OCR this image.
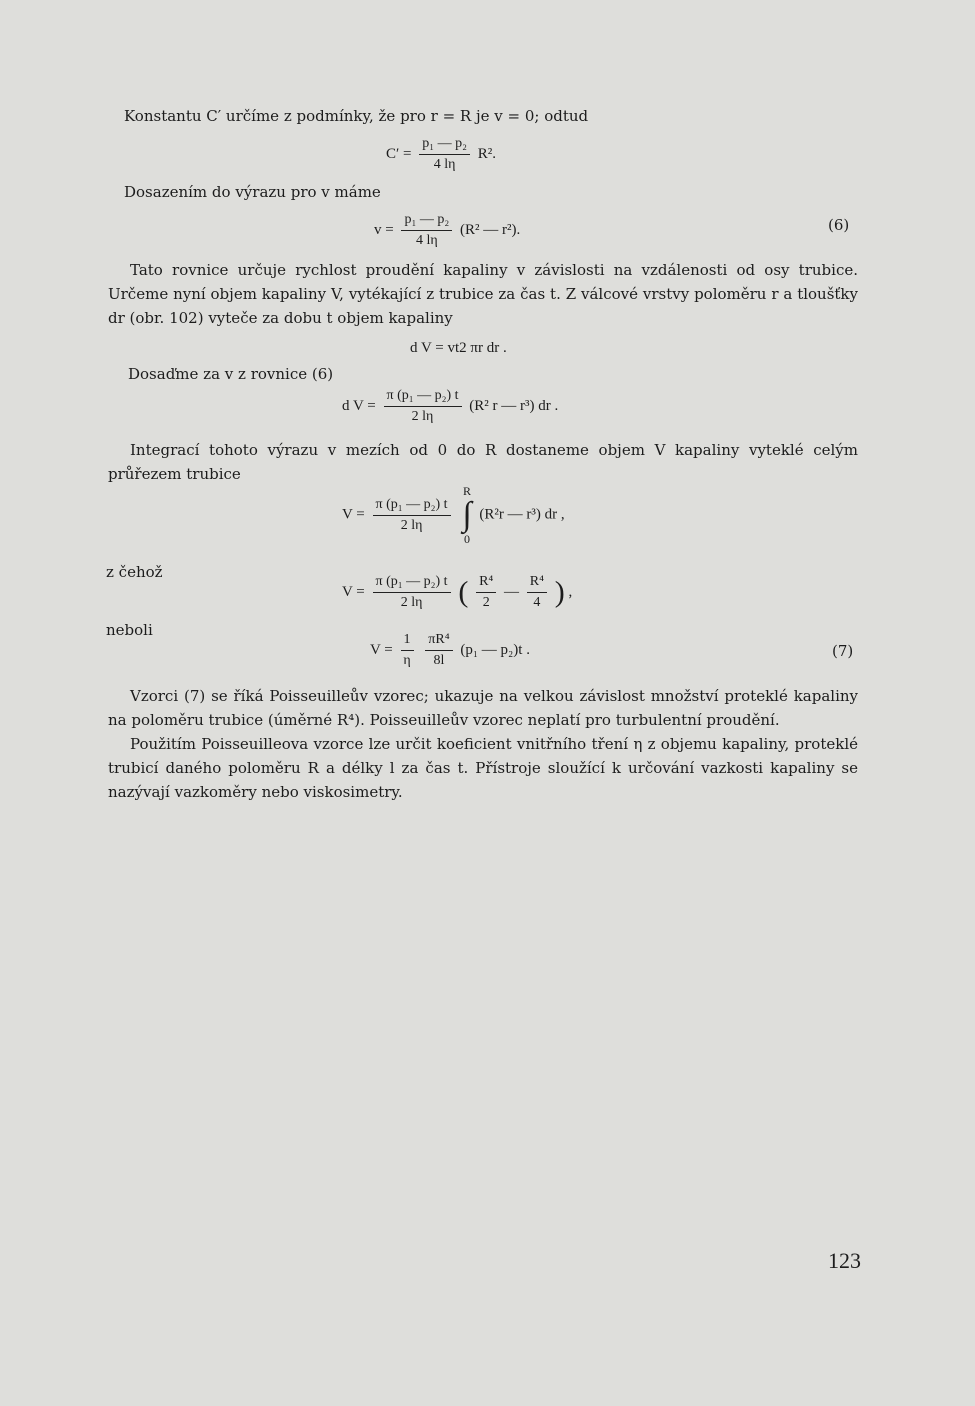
Konstantu C′ určíme z podmínky, že pro r = R je v = 0; odtud
$C' = \frac{\text{p₁ — p₂}}{4 l\eta} R^2$.
Dosazením do výrazu pro v máme
$v = \frac{\text{p₁ — p₂}}{4 l\eta} (R^2$ — r²).	(6)
Tato rovnice určuje rychlost proudění kapaliny v závislosti na vzdálenosti od osy trubice. Určeme nyní objem kapaliny V, vytékající z trubice za čas t. Z válcové vrstvy poloměru r a tloušťky dr (obr. 102) vyteče za dobu t objem kapaliny
d V = vt2 πr dr .
Dosaďme za v z rovnice (6)
d $V = \frac{\text{π (p₁ — p₂) t}}{2 l\eta} (R^2$ r — r³) dr .
Integrací tohoto výrazu v mezích od 0 do R dostaneme objem V kapaliny vyteklé celým průřezem trubice
$V = \frac{\text{π (p₁ — p₂) t}}{2 l\eta}$

R
∫
0
(R²r — r³) dr ,
z čehož
$V = \frac{\text{π (p₁ — p₂) t}}{2 l\eta}$ ( $\frac{\text{R⁴}}{2}$ — $\frac{\text{R⁴}}{4}$ ) ,
neboli
$V = \frac{1}{\eta}$
$\frac{\text{πR⁴}}{8l} (p_1$ — p₂)t .	(7)
Vzorci (7) se říká Poisseuilleův vzorec; ukazuje na velkou závislost množství proteklé kapaliny na poloměru trubice (úměrné R⁴). Poisseuilleův vzorec neplatí pro turbulentní proudění.
Použitím Poisseuilleova vzorce lze určit koeficient vnitřního tření η z objemu kapaliny, proteklé trubicí daného poloměru R a délky l za čas t. Přístroje sloužící k určování vazkosti kapaliny se nazývají vazkoměry nebo viskosimetry.
123
